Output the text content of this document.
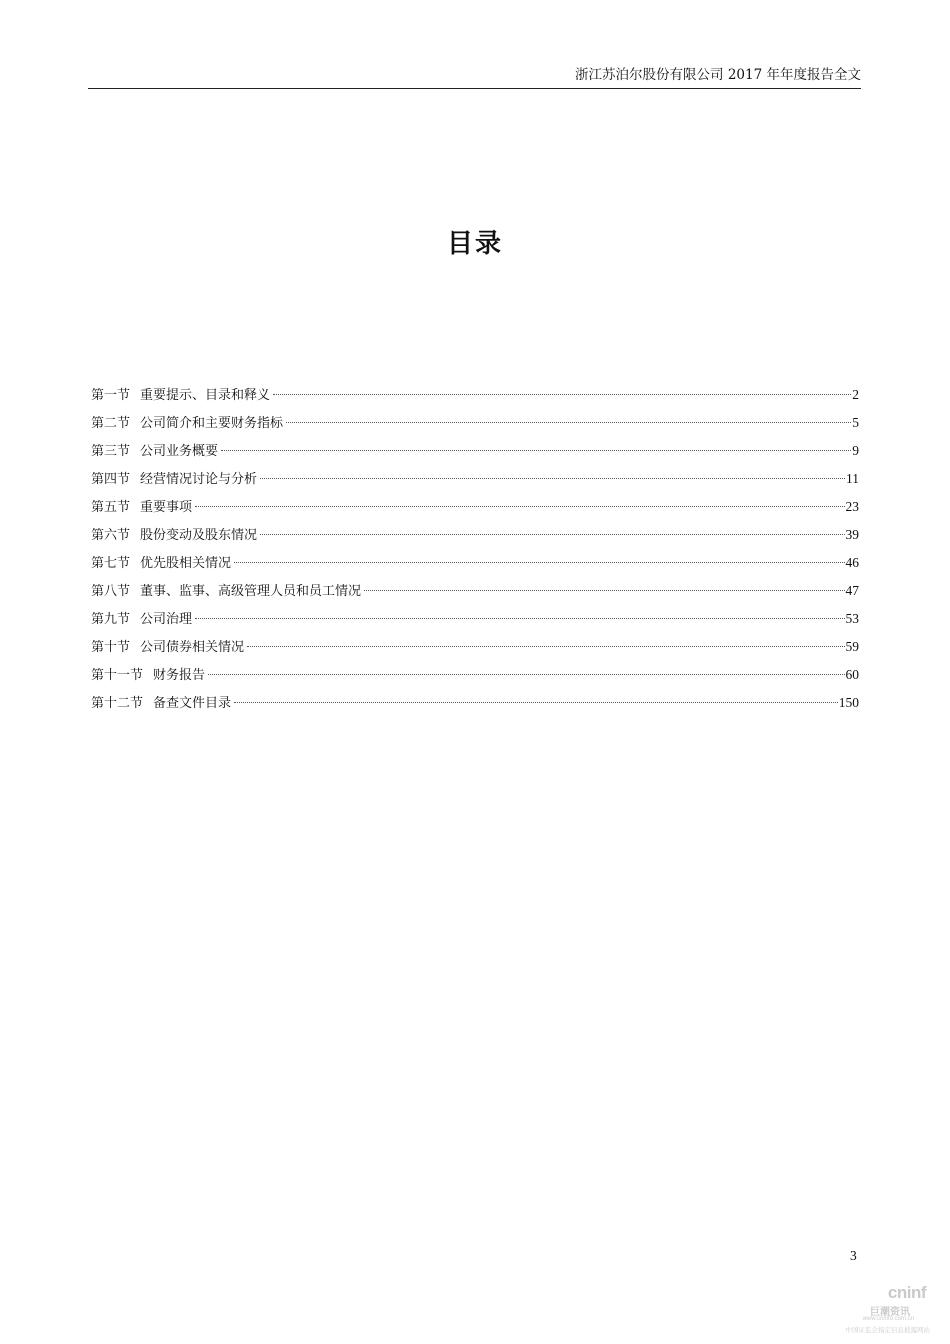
浙江苏泊尔股份有限公司 2017 年年度报告全文
目录
第一节 重要提示、目录和释义	2
第二节 公司简介和主要财务指标	5
第三节 公司业务概要	9
第四节 经营情况讨论与分析	11
第五节 重要事项	23
第六节 股份变动及股东情况	39
第七节 优先股相关情况	46
第八节 董事、监事、高级管理人员和员工情况	47
第九节 公司治理	53
第十节 公司债券相关情况	59
第十一节 财务报告	60
第十二节 备查文件目录	150
3
cninf
巨潮资讯
www.cninfo.com.cn
中国证监会指定信息披露网站
